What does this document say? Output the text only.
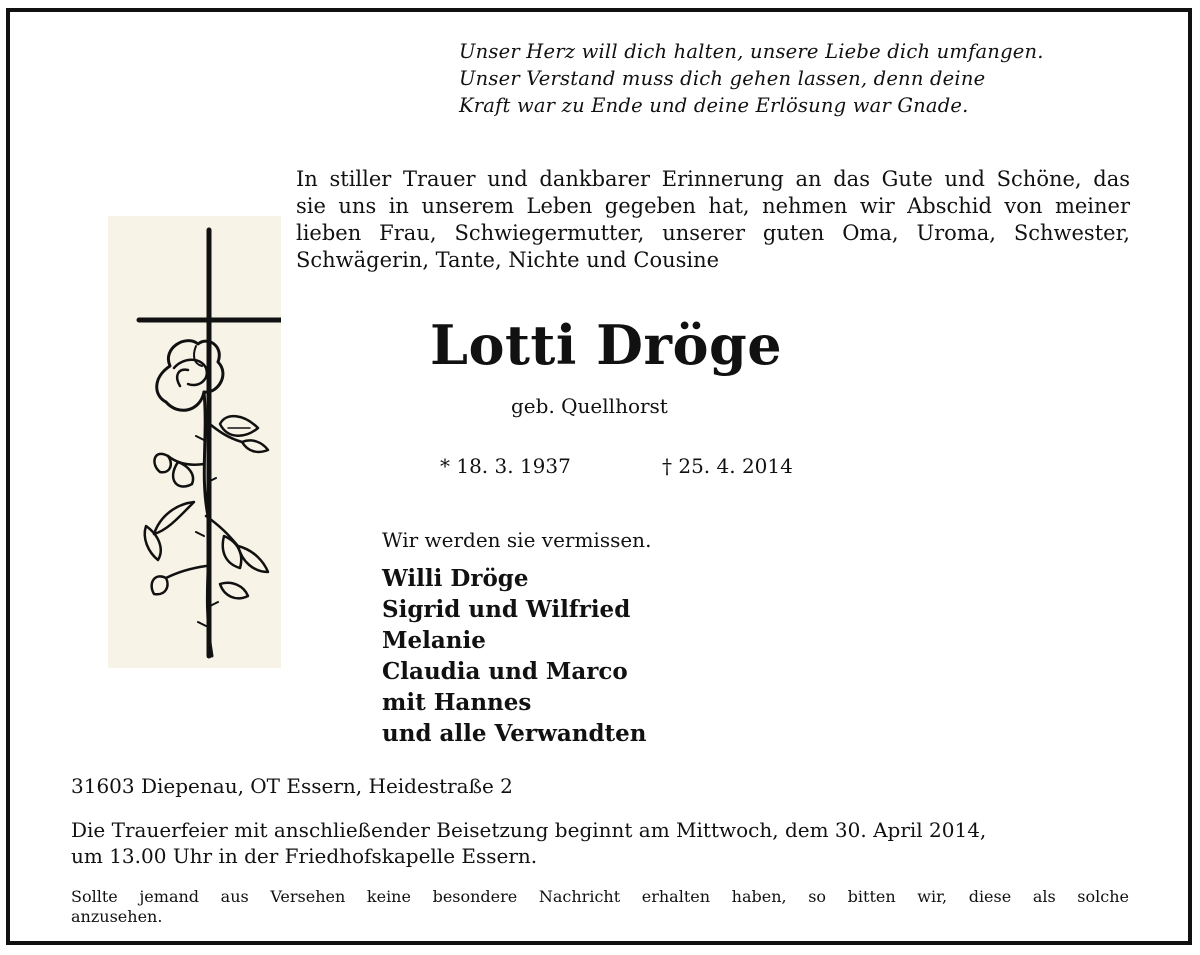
Unser Herz will dich halten, unsere Liebe dich umfangen.
Unser Verstand muss dich gehen lassen, denn deine
Kraft war zu Ende und deine Erlösung war Gnade.
In stiller Trauer und dankbarer Erinnerung an das Gute und Schöne, das
sie uns in unserem Leben gegeben hat, nehmen wir Abschid von meiner
lieben Frau, Schwiegermutter, unserer guten Oma, Uroma, Schwester,
Schwägerin, Tante, Nichte und Cousine
Lotti Dröge
geb. Quellhorst
* 18. 3. 1937	† 25. 4. 2014
Wir werden sie vermissen.
Willi Dröge
Sigrid und Wilfried
Melanie
Claudia und Marco
mit Hannes
und alle Verwandten
31603 Diepenau, OT Essern, Heidestraße 2
Die Trauerfeier mit anschließender Beisetzung beginnt am Mittwoch, dem 30. April 2014,
um 13.00 Uhr in der Friedhofskapelle Essern.
Sollte jemand aus Versehen keine besondere Nachricht erhalten haben, so bitten wir, diese als solche
anzusehen.
